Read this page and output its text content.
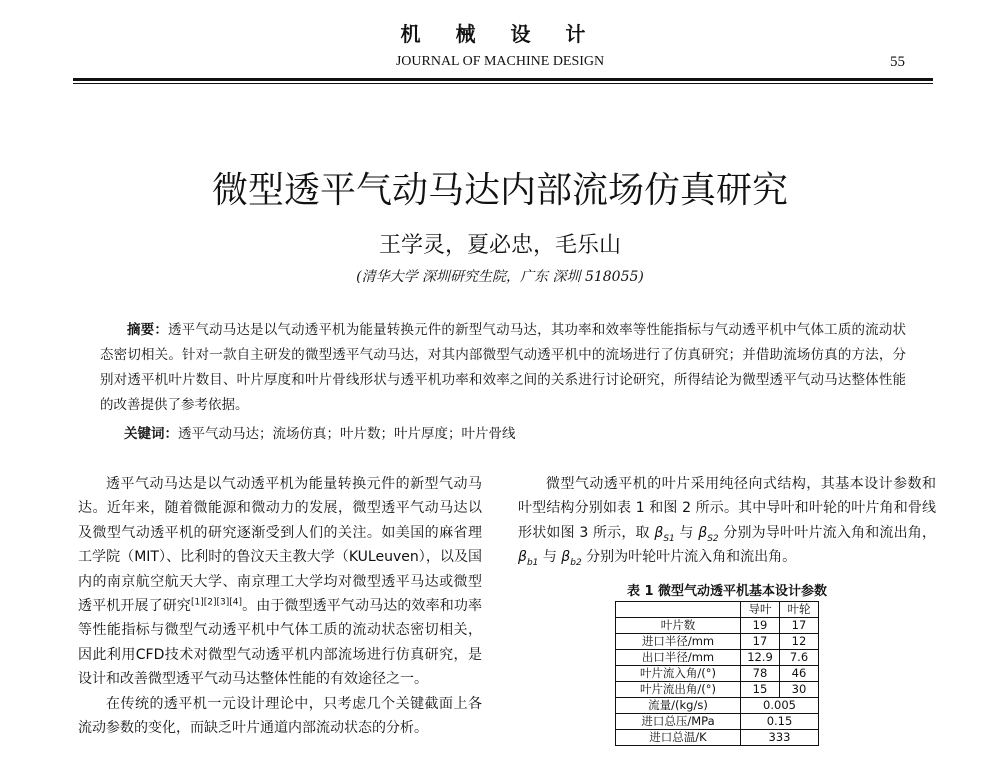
机 械 设 计
JOURNAL OF MACHINE DESIGN	55
微型透平气动马达内部流场仿真研究
王学灵，夏必忠，毛乐山
(清华大学 深圳研究生院，广东 深圳 518055)
摘要：透平气动马达是以气动透平机为能量转换元件的新型气动马达，其功率和效率等性能指标与气动透平机中气体工质的流动状态密切相关。针对一款自主研发的微型透平气动马达，对其内部微型气动透平机中的流场进行了仿真研究；并借助流场仿真的方法，分别对透平机叶片数目、叶片厚度和叶片骨线形状与透平机功率和效率之间的关系进行讨论研究，所得结论为微型透平气动马达整体性能的改善提供了参考依据。
关键词：透平气动马达；流场仿真；叶片数；叶片厚度；叶片骨线

透平气动马达是以气动透平机为能量转换元件的新型气动马达。近年来，随着微能源和微动力的发展，微型透平气动马达以及微型气动透平机的研究逐渐受到人们的关注。如美国的麻省理工学院（MIT）、比利时的鲁汶天主教大学（KULeuven），以及国内的南京航空航天大学、南京理工大学均对微型透平马达或微型透平机开展了研究[1][2][3][4]。由于微型透平气动马达的效率和功率等性能指标与微型气动透平机中气体工质的流动状态密切相关，因此利用CFD技术对微型气动透平机内部流场进行仿真研究，是设计和改善微型透平气动马达整体性能的有效途径之一。

在传统的透平机一元设计理论中，只考虑几个关键截面上各流动参数的变化，而缺乏叶片通道内部流动状态的分析。

微型气动透平机的叶片采用纯径向式结构，其基本设计参数和叶型结构分别如表 1 和图 2 所示。其中导叶和叶轮的叶片角和骨线形状如图 3 所示，取 $\beta_{S1}$ 与 $\beta_{S2}$ 分别为导叶叶片流入角和流出角，$\beta_{b1}$ 与 $\beta_{b2}$ 分别为叶轮叶片流入角和流出角。
表 1 微型气动透平机基本设计参数
	导叶	叶轮
叶片数	19	17
进口半径/mm	17	12
出口半径/mm	12.9	7.6
叶片流入角/(°)	78	46
叶片流出角/(°)	15	30
流量/(kg/s)	0.005	
进口总压/MPa	0.15	
进口总温/K	333	
